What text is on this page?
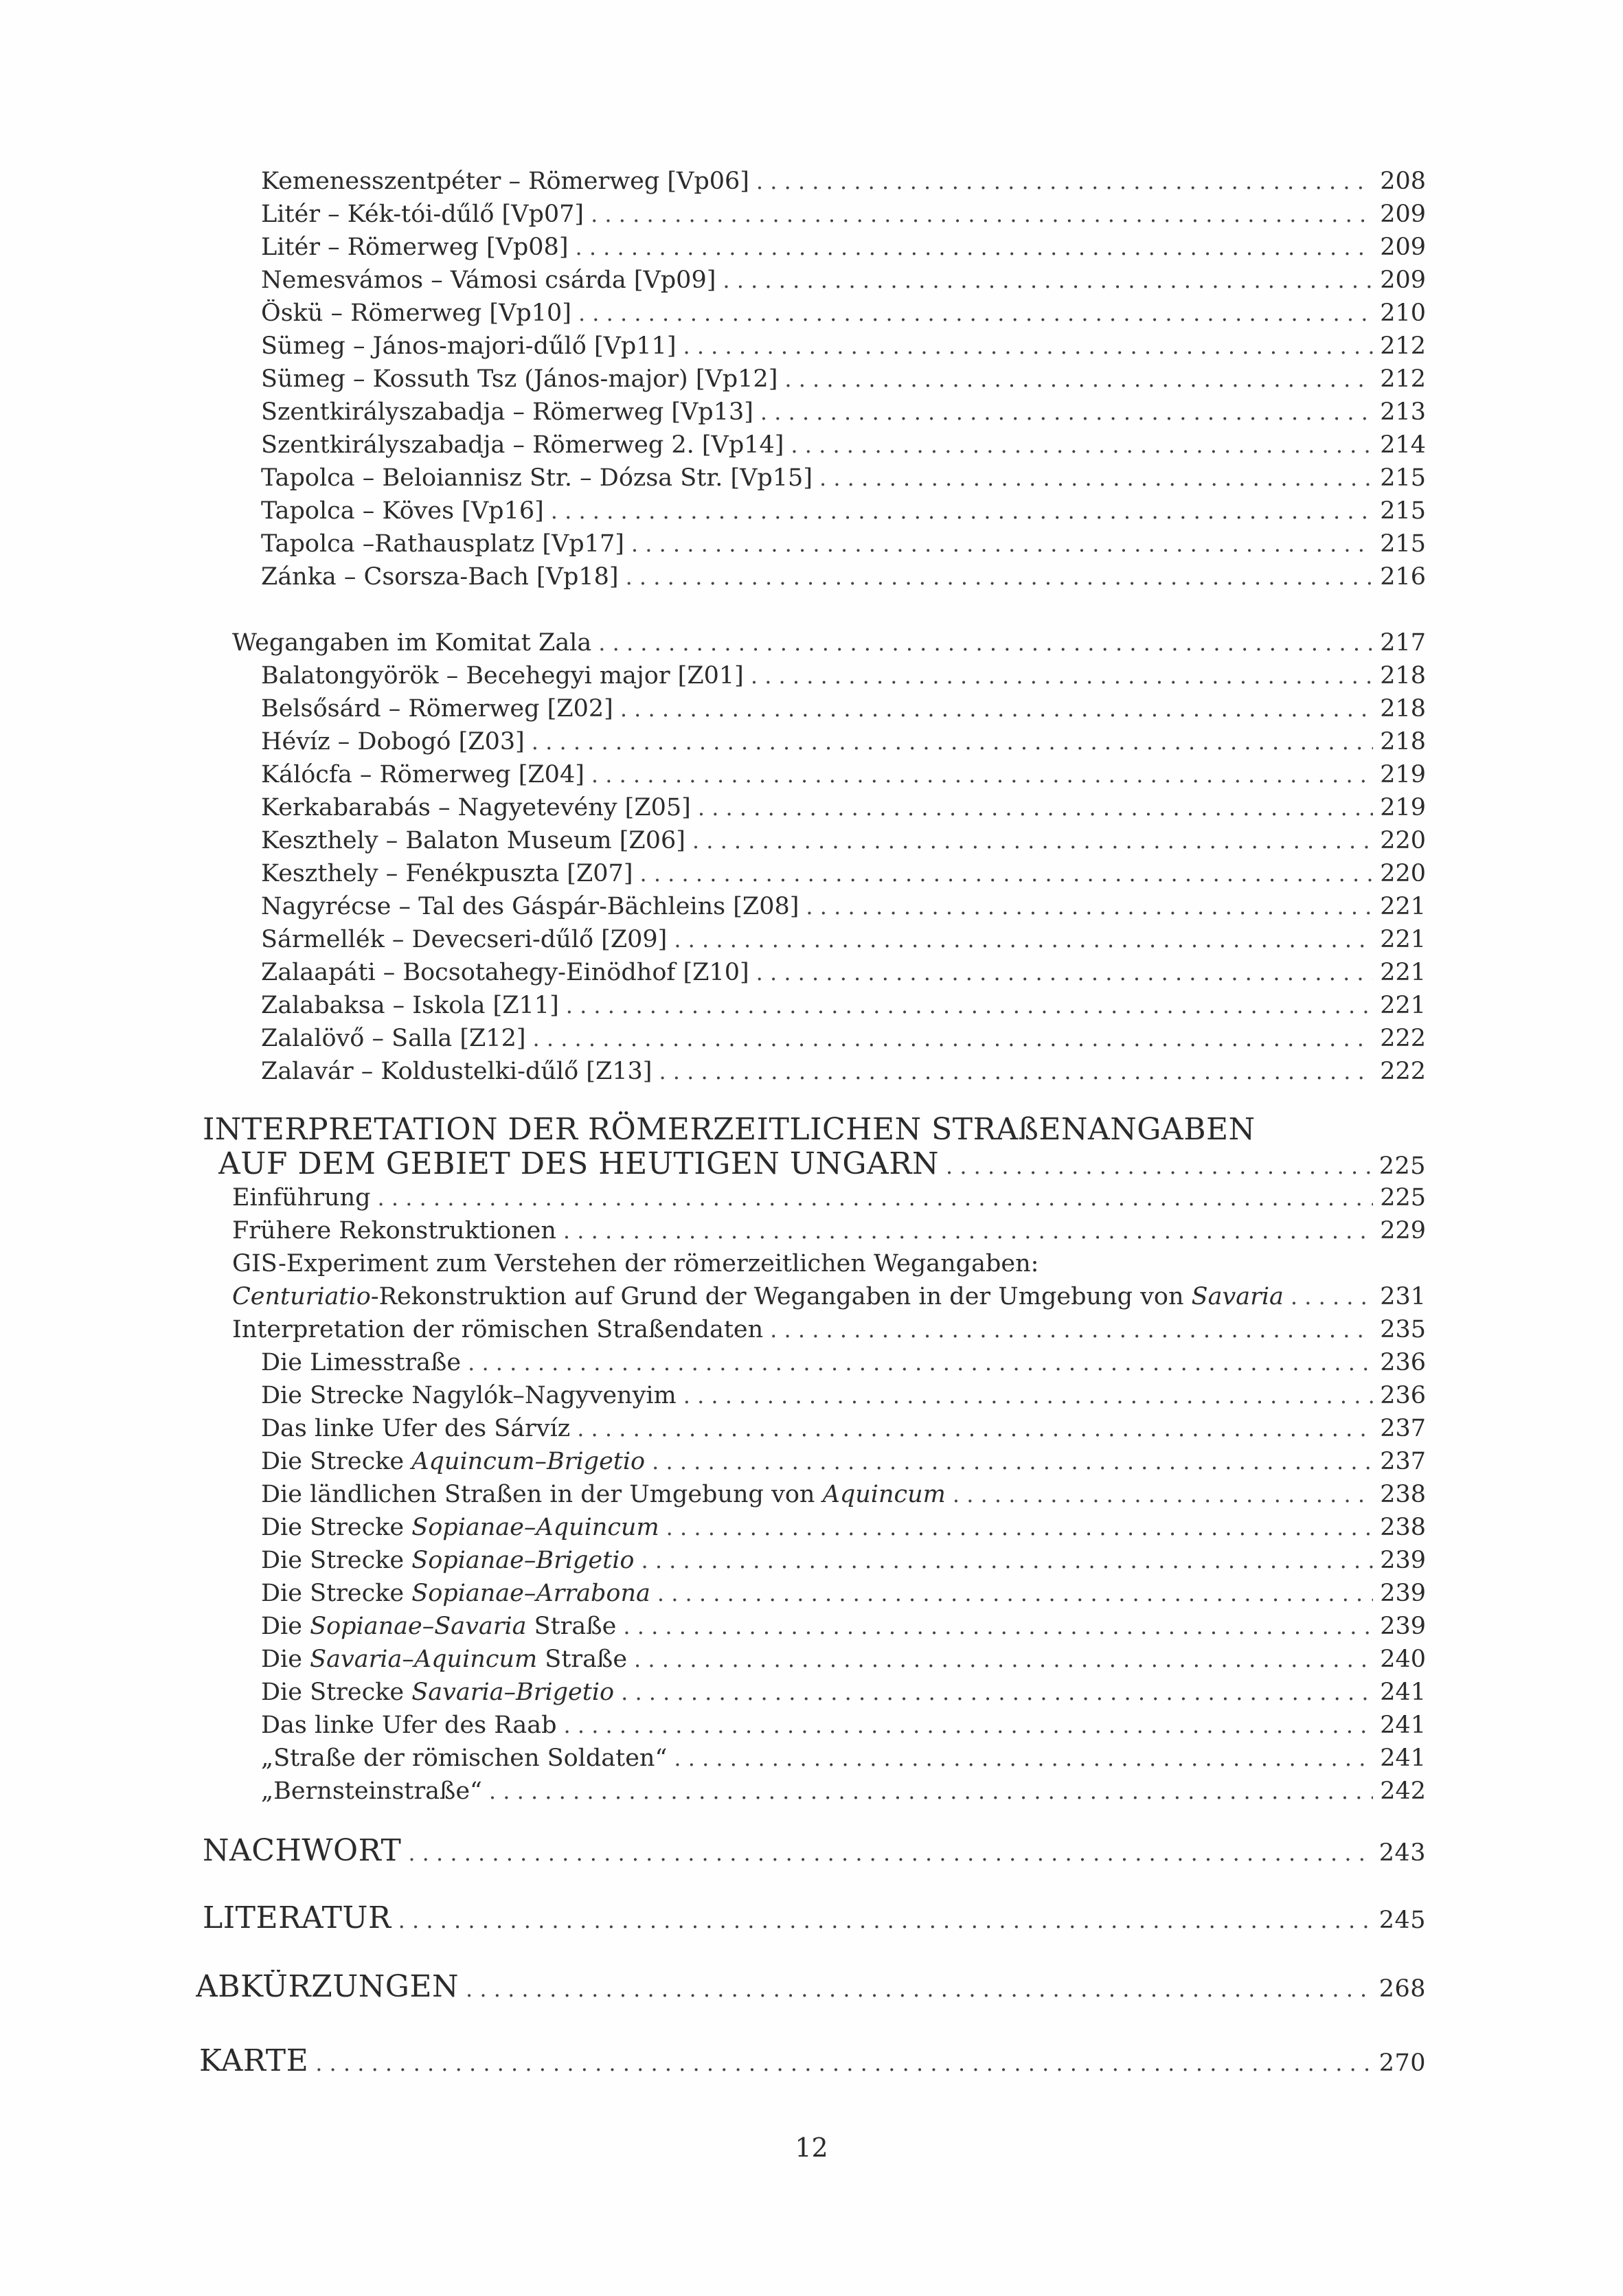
Kemenesszentpéter – Römerweg [Vp06] . . .	208
Litér – Kék-tói-dűlő [Vp07] . . .	209
Litér – Römerweg [Vp08] . . .	209
Nemesvámos – Vámosi csárda [Vp09] . . .	209
Öskü – Römerweg [Vp10] . . .	210
Sümeg – János-majori-dűlő [Vp11] . . .	212
Sümeg – Kossuth Tsz (János-major) [Vp12] . . .	212
Szentkirályszabadja – Römerweg [Vp13] . . .	213
Szentkirályszabadja – Römerweg 2. [Vp14] . . .	214
Tapolca – Beloiannisz Str. – Dózsa Str. [Vp15] . . .	215
Tapolca – Köves [Vp16] . . .	215
Tapolca –Rathausplatz [Vp17] . . .	215
Zánka – Csorsza-Bach [Vp18] . . .	216
Wegangaben im Komitat Zala . . .	217
Balatongyörök – Becehegyi major [Z01] . . .	218
Belsősárd – Römerweg [Z02] . . .	218
Hévíz – Dobogó [Z03] . . .	218
Kálócfa – Römerweg [Z04] . . .	219
Kerkabarabás – Nagyetevény [Z05] . . .	219
Keszthely – Balaton Museum [Z06] . . .	220
Keszthely – Fenékpuszta [Z07] . . .	220
Nagyrécse – Tal des Gáspár-Bächleins [Z08] . . .	221
Sármellék – Devecseri-dűlő [Z09] . . .	221
Zalaapáti – Bocsotahegy-Einödhof [Z10] . . .	221
Zalabaksa – Iskola [Z11] . . .	221
Zalalövő – Salla [Z12] . . .	222
Zalavár – Koldustelki-dűlő [Z13] . . .	222
INTERPRETATION DER RÖMERZEITLICHEN STRAßENANGABEN
AUF DEM GEBIET DES HEUTIGEN UNGARN . . .	225
Einführung . . .	225
Frühere Rekonstruktionen . . .	229
GIS-Experiment zum Verstehen der römerzeitlichen Wegangaben:
Centuriatio-Rekonstruktion auf Grund der Wegangaben in der Umgebung von Savaria . . .	231
Interpretation der römischen Straßendaten . . .	235
Die Limesstraße . . .	236
Die Strecke Nagylók–Nagyvenyim . . .	236
Das linke Ufer des Sárvíz . . .	237
Die Strecke Aquincum–Brigetio . . .	237
Die ländlichen Straßen in der Umgebung von Aquincum . . .	238
Die Strecke Sopianae–Aquincum . . .	238
Die Strecke Sopianae–Brigetio . . .	239
Die Strecke Sopianae–Arrabona . . .	239
Die Sopianae–Savaria Straße . . .	239
Die Savaria–Aquincum Straße . . .	240
Die Strecke Savaria–Brigetio . . .	241
Das linke Ufer des Raab . . .	241
„Straße der römischen Soldaten“ . . .	241
„Bernsteinstraße“ . . .	242
NACHWORT . . .	243
LITERATUR . . .	245
ABKÜRZUNGEN . . .	268
KARTE . . .	270
12
